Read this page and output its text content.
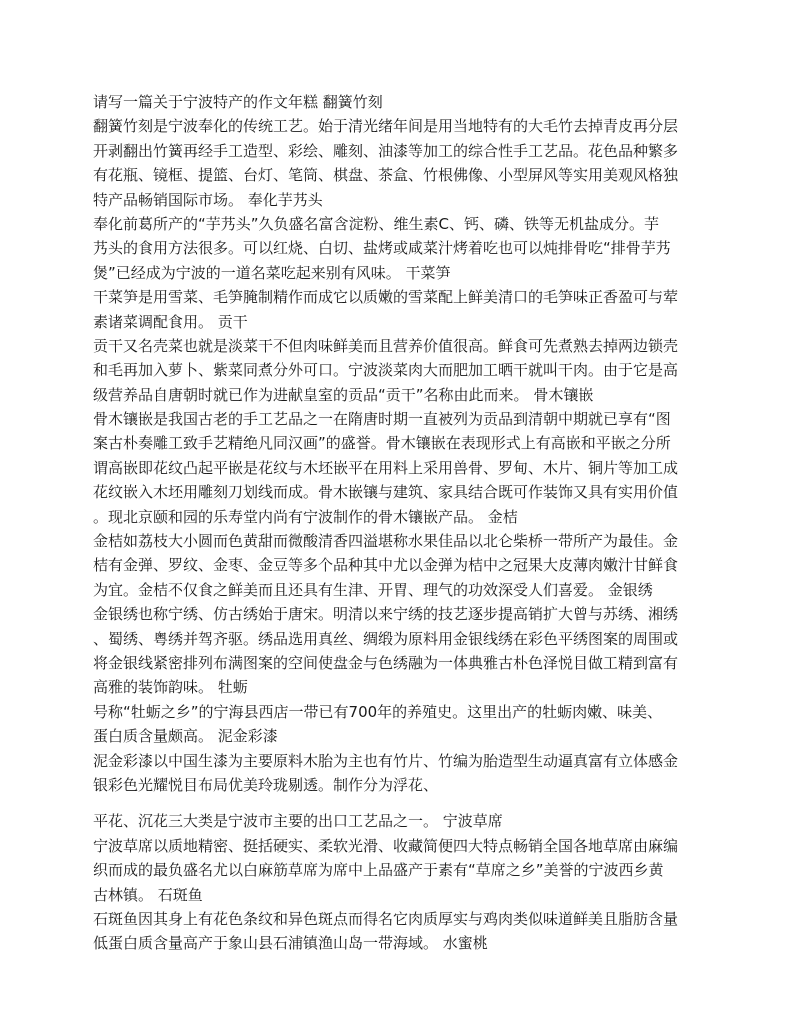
请写一篇关于宁波特产的作文年糕 翻簧竹刻
翻簧竹刻是宁波奉化的传统工艺。始于清光绪年间是用当地特有的大毛竹去掉青皮再分层
开剥翻出竹簧再经手工造型、彩绘、雕刻、油漆等加工的综合性手工艺品。花色品种繁多
有花瓶、镜框、提篮、台灯、笔筒、棋盘、茶盒、竹根佛像、小型屏风等实用美观风格独
特产品畅销国际市场。 奉化芋艿头
奉化前葛所产的“芋艿头”久负盛名富含淀粉、维生素C、钙、磷、铁等无机盐成分。芋
艿头的食用方法很多。可以红烧、白切、盐烤或咸菜汁烤着吃也可以炖排骨吃“排骨芋艿
煲”已经成为宁波的一道名菜吃起来别有风味。 干菜笋
干菜笋是用雪菜、毛笋腌制精作而成它以质嫩的雪菜配上鲜美清口的毛笋味正香盈可与荤
素诸菜调配食用。 贡干
贡干又名壳菜也就是淡菜干不但肉味鲜美而且营养价值很高。鲜食可先煮熟去掉两边锁壳
和毛再加入萝卜、紫菜同煮分外可口。宁波淡菜肉大而肥加工晒干就叫干肉。由于它是高
级营养品自唐朝时就已作为进献皇室的贡品“贡干”名称由此而来。 骨木镶嵌
骨木镶嵌是我国古老的手工艺品之一在隋唐时期一直被列为贡品到清朝中期就已享有“图
案古朴奏雕工致手艺精绝凡同汉画”的盛誉。骨木镶嵌在表现形式上有高嵌和平嵌之分所
谓高嵌即花纹凸起平嵌是花纹与木坯嵌平在用料上采用兽骨、罗甸、木片、铜片等加工成
花纹嵌入木坯用雕刻刀划线而成。骨木嵌镶与建筑、家具结合既可作装饰又具有实用价值
。现北京颐和园的乐寿堂内尚有宁波制作的骨木镶嵌产品。 金桔
金桔如荔枝大小圆而色黄甜而微酸清香四溢堪称水果佳品以北仑柴桥一带所产为最佳。金
桔有金弹、罗纹、金枣、金豆等多个品种其中尤以金弹为桔中之冠果大皮薄肉嫩汁甘鲜食
为宜。金桔不仅食之鲜美而且还具有生津、开胃、理气的功效深受人们喜爱。 金银绣
金银绣也称宁绣、仿古绣始于唐宋。明清以来宁绣的技艺逐步提高销扩大曾与苏绣、湘绣
、蜀绣、粤绣并驾齐驱。绣品选用真丝、绸缎为原料用金银线绣在彩色平绣图案的周围或
将金银线紧密排列布满图案的空间使盘金与色绣融为一体典雅古朴色泽悦目做工精到富有
高雅的装饰韵味。 牡蛎
号称“牡蛎之乡”的宁海县西店一带已有700年的养殖史。这里出产的牡蛎肉嫩、味美、
蛋白质含量颇高。 泥金彩漆
泥金彩漆以中国生漆为主要原料木胎为主也有竹片、竹编为胎造型生动逼真富有立体感金
银彩色光耀悦目布局优美玲珑剔透。制作分为浮花、
平花、沉花三大类是宁波市主要的出口工艺品之一。 宁波草席
宁波草席以质地精密、挺括硬实、柔软光滑、收藏简便四大特点畅销全国各地草席由麻编
织而成的最负盛名尤以白麻筋草席为席中上品盛产于素有“草席之乡”美誉的宁波西乡黄
古林镇。 石斑鱼
石斑鱼因其身上有花色条纹和异色斑点而得名它肉质厚实与鸡肉类似味道鲜美且脂肪含量
低蛋白质含量高产于象山县石浦镇渔山岛一带海域。 水蜜桃
